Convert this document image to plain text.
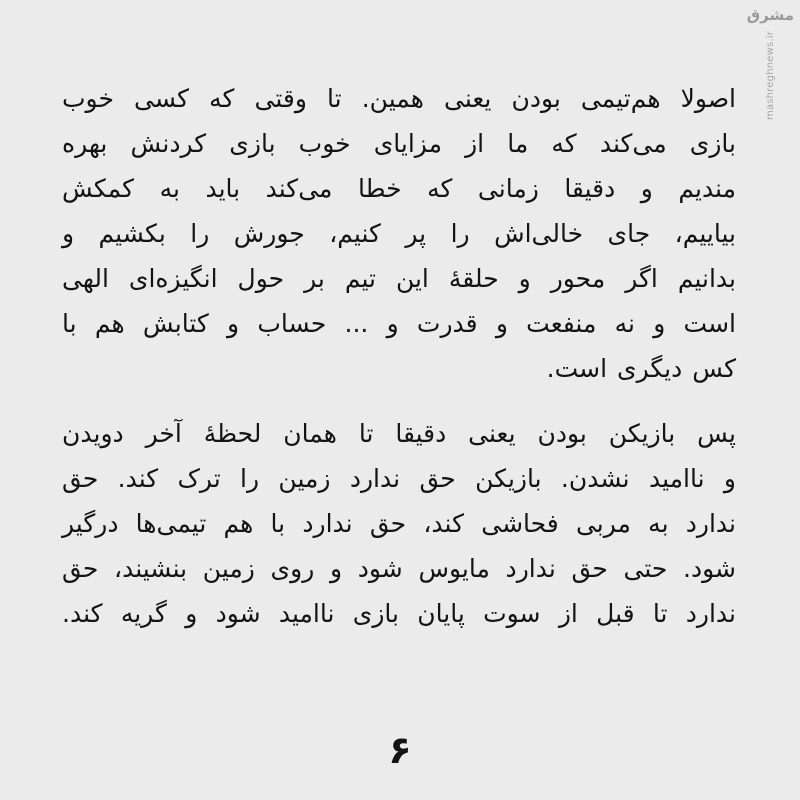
مشرق
mashreghnews.ir

اصولا هم‌تیمی بودن یعنی همین. تا وقتی که کسی خوب
بازی می‌کند که ما از مزایای خوب بازی کردنش بهره
مندیم و دقیقا زمانی که خطا می‌کند باید به کمکش
بیاییم، جای خالی‌اش را پر کنیم، جورش را بکشیم و
بدانیم اگر محور و حلقهٔ این تیم بر حول انگیزه‌ای الهی
است و نه منفعت و قدرت و ... حساب و کتابش هم با
کس دیگری است.

پس بازیکن بودن یعنی دقیقا تا همان لحظهٔ آخر دویدن
و ناامید نشدن. بازیکن حق ندارد زمین را ترک کند. حق
ندارد به مربی فحاشی کند، حق ندارد با هم تیمی‌ها درگیر
شود. حتی حق ندارد مایوس شود و روی زمین بنشیند، حق
ندارد تا قبل از سوت پایان بازی ناامید شود و گریه کند.

۶
